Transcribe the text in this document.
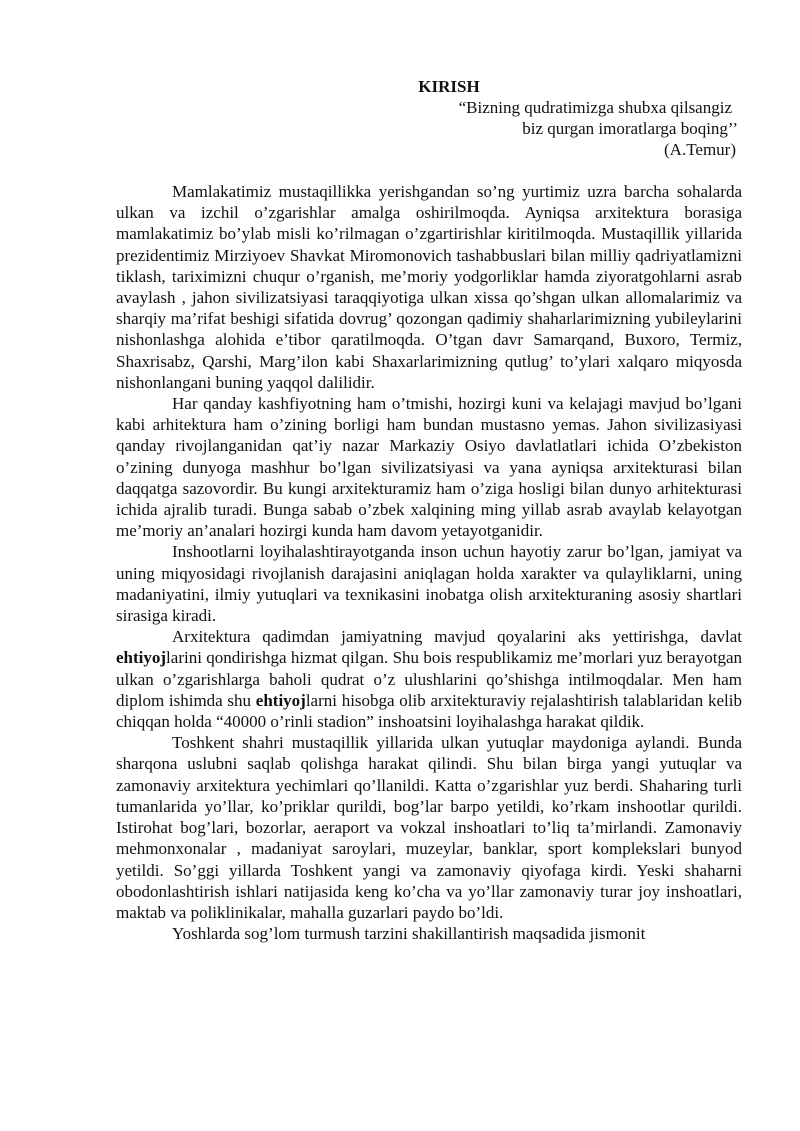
KIRISH
“Bizning qudratimizga shubxa qilsangiz
biz qurgan imoratlarga boqing’’
(A.Temur)

Mamlakatimiz mustaqillikka yerishgandan so’ng yurtimiz uzra barcha sohalarda ulkan va izchil o’zgarishlar amalga oshirilmoqda. Ayniqsa arxitektura borasiga mamlakatimiz bo’ylab misli ko’rilmagan o’zgartirishlar kiritilmoqda. Mustaqillik yillarida prezidentimiz Mirziyoev Shavkat Miromonovich tashabbuslari bilan milliy qadriyatlamizni tiklash, tariximizni chuqur o’rganish, me’moriy yodgorliklar hamda ziyoratgohlarni asrab avaylash , jahon sivilizatsiyasi taraqqiyotiga ulkan xissa qo’shgan ulkan allomalarimiz va sharqiy ma’rifat beshigi sifatida dovrug’ qozongan qadimiy shaharlarimizning yubileylarini nishonlashga alohida e’tibor qaratilmoqda. O’tgan davr Samarqand, Buxoro, Termiz, Shaxrisabz, Qarshi, Marg’ilon kabi Shaxarlarimizning qutlug’ to’ylari xalqaro miqyosda nishonlangani buning yaqqol dalilidir.

Har qanday kashfiyotning ham o’tmishi, hozirgi kuni va kelajagi mavjud bo’lgani kabi arhitektura ham o’zining borligi ham bundan mustasno yemas. Jahon sivilizasiyasi qanday rivojlanganidan qat’iy nazar Markaziy Osiyo davlatlatlari ichida O’zbekiston o’zining dunyoga mashhur bo’lgan sivilizatsiyasi va yana ayniqsa arxitekturasi bilan daqqatga sazovordir. Bu kungi arxitekturamiz ham o’ziga hosligi bilan dunyo arhitekturasi ichida ajralib turadi. Bunga sabab o’zbek xalqining ming yillab asrab avaylab kelayotgan me’moriy an’analari hozirgi kunda ham davom yetayotganidir.

Inshootlarni loyihalashtirayotganda inson uchun hayotiy zarur bo’lgan, jamiyat va uning miqyosidagi rivojlanish darajasini aniqlagan holda xarakter va qulayliklarni, uning madaniyatini, ilmiy yutuqlari va texnikasini inobatga olish arxitekturaning asosiy shartlari sirasiga kiradi.

Arxitektura qadimdan jamiyatning mavjud qoyalarini aks yettirishga, davlat ehtiyojlarini qondirishga hizmat qilgan. Shu bois respublikamiz me’morlari yuz berayotgan ulkan o’zgarishlarga baholi qudrat o’z ulushlarini qo’shishga intilmoqdalar. Men ham diplom ishimda shu ehtiyojlarni hisobga olib arxitekturaviy rejalashtirish talablaridan kelib chiqqan holda “40000 o’rinli stadion” inshoatsini loyihalashga harakat qildik.

Toshkent shahri mustaqillik yillarida ulkan yutuqlar maydoniga aylandi. Bunda sharqona uslubni saqlab qolishga harakat qilindi. Shu bilan birga yangi yutuqlar va zamonaviy arxitektura yechimlari qo’llanildi. Katta o’zgarishlar yuz berdi. Shaharing turli tumanlarida yo’llar, ko’priklar qurildi, bog’lar barpo yetildi, ko’rkam inshootlar qurildi. Istirohat bog’lari, bozorlar, aeraport va vokzal inshoatlari to’liq ta’mirlandi. Zamonaviy mehmonxonalar , madaniyat saroylari, muzeylar, banklar, sport komplekslari bunyod yetildi. So’ggi yillarda Toshkent yangi va zamonaviy qiyofaga kirdi. Yeski shaharni obodonlashtirish ishlari natijasida keng ko’cha va yo’llar zamonaviy turar joy inshoatlari, maktab va poliklinikalar, mahalla guzarlari paydo bo’ldi.

Yoshlarda sog’lom turmush tarzini shakillantirish maqsadida jismonit
